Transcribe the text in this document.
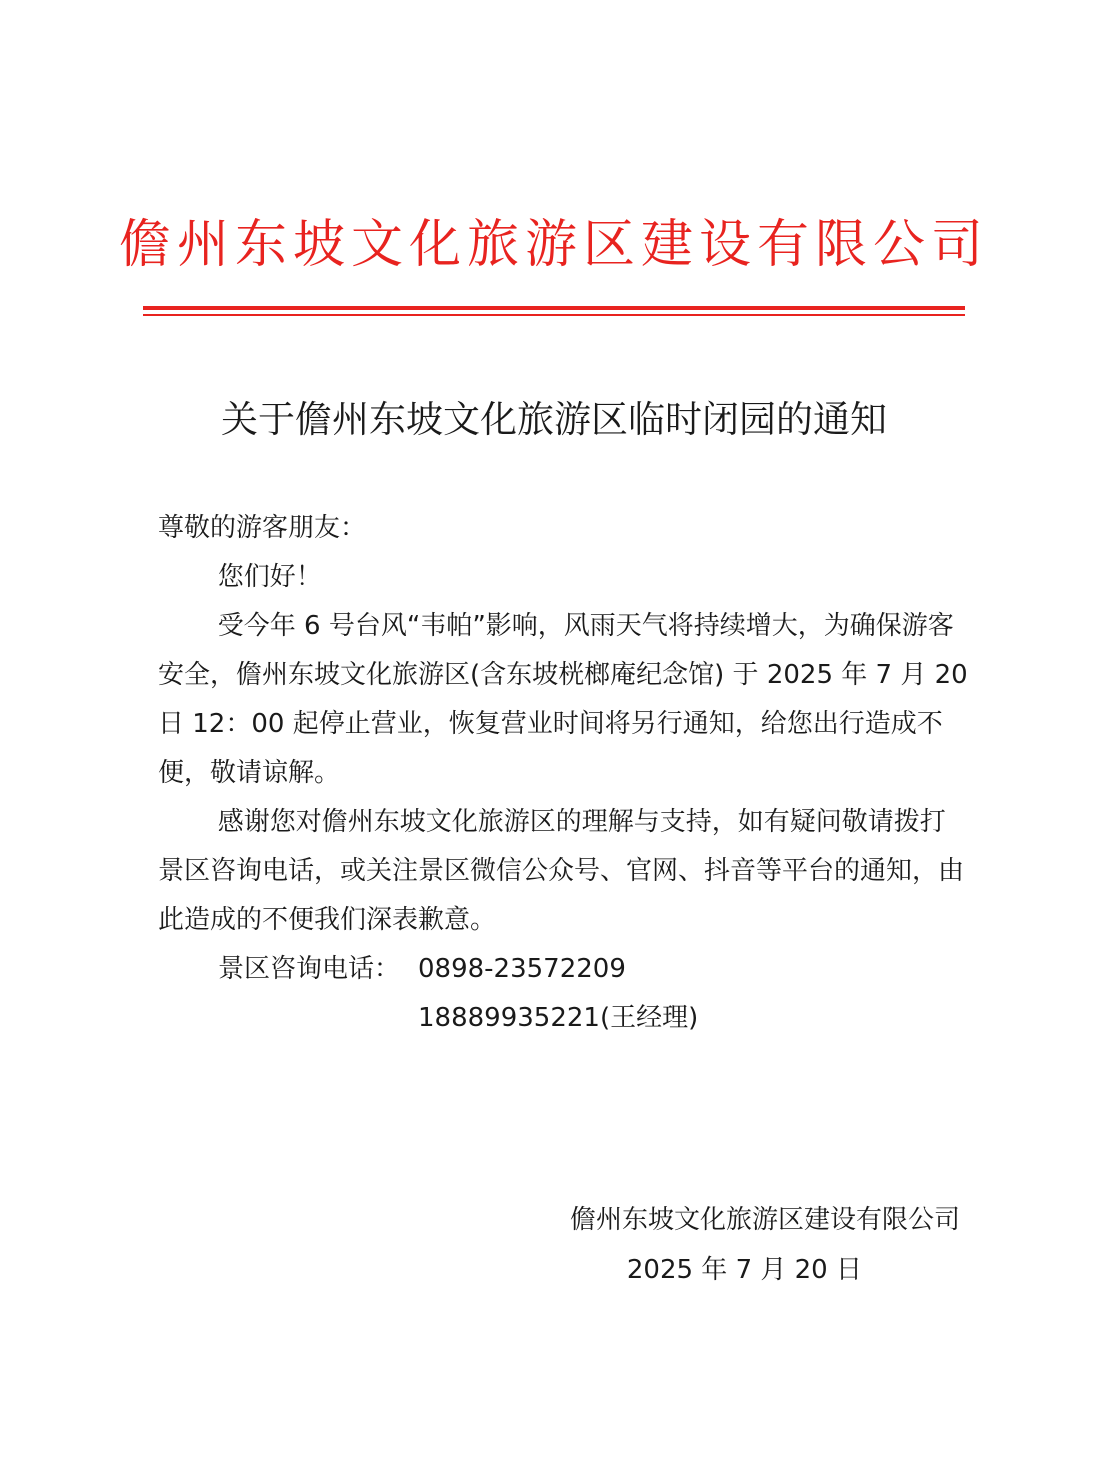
儋州东坡文化旅游区建设有限公司
关于儋州东坡文化旅游区临时闭园的通知

尊敬的游客朋友：

您们好！

受今年 6 号台风“韦帕”影响，风雨天气将持续增大，为确保游客安全，儋州东坡文化旅游区(含东坡桄榔庵纪念馆) 于 2025 年 7 月 20 日 12：00 起停止营业，恢复营业时间将另行通知，给您出行造成不便，敬请谅解。

感谢您对儋州东坡文化旅游区的理解与支持，如有疑问敬请拨打景区咨询电话，或关注景区微信公众号、官网、抖音等平台的通知，由此造成的不便我们深表歉意。

景区咨询电话： 0898-23572209

18889935221(王经理)

儋州东坡文化旅游区建设有限公司
2025 年 7 月 20 日
